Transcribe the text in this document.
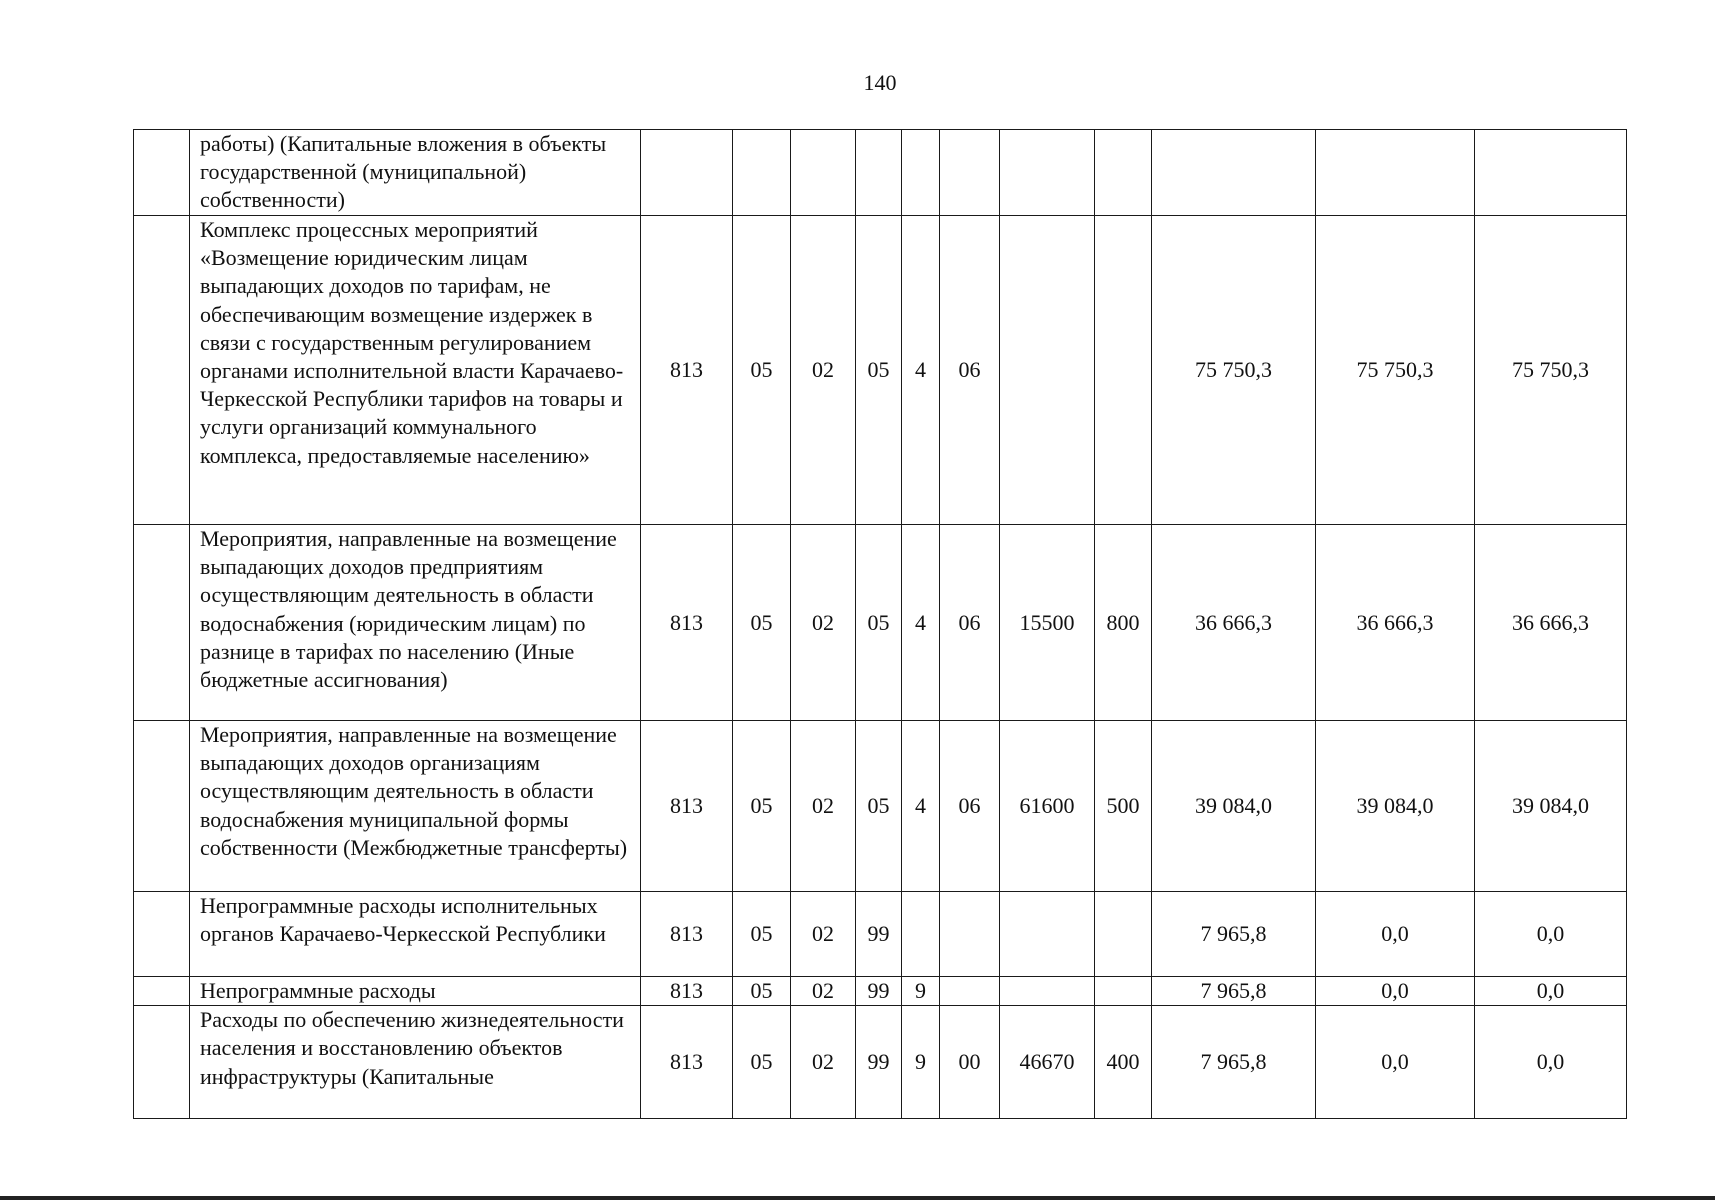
140
	работы) (Капитальные вложения в объекты государственной (муниципальной) собственности)											
	Комплекс процессных мероприятий «Возмещение юридическим лицам выпадающих доходов по тарифам, не обеспечивающим возмещение издержек в связи с государственным регулированием органами исполнительной власти Карачаево-Черкесской Республики тарифов на товары и услуги организаций коммунального комплекса, предоставляемые населению»	813	05	02	05	4	06			75 750,3	75 750,3	75 750,3
	Мероприятия, направленные на возмещение выпадающих доходов предприятиям осуществляющим деятельность в области водоснабжения (юридическим лицам) по разнице в тарифах по населению (Иные бюджетные ассигнования)	813	05	02	05	4	06	15500	800	36 666,3	36 666,3	36 666,3
	Мероприятия, направленные на возмещение выпадающих доходов организациям осуществляющим деятельность в области водоснабжения муниципальной формы собственности (Межбюджетные трансферты)	813	05	02	05	4	06	61600	500	39 084,0	39 084,0	39 084,0
	Непрограммные расходы исполнительных органов Карачаево-Черкесской Республики	813	05	02	99					7 965,8	0,0	0,0
	Непрограммные расходы	813	05	02	99	9				7 965,8	0,0	0,0
	Расходы по обеспечению жизнедеятельности населения и восстановлению объектов инфраструктуры (Капитальные	813	05	02	99	9	00	46670	400	7 965,8	0,0	0,0
